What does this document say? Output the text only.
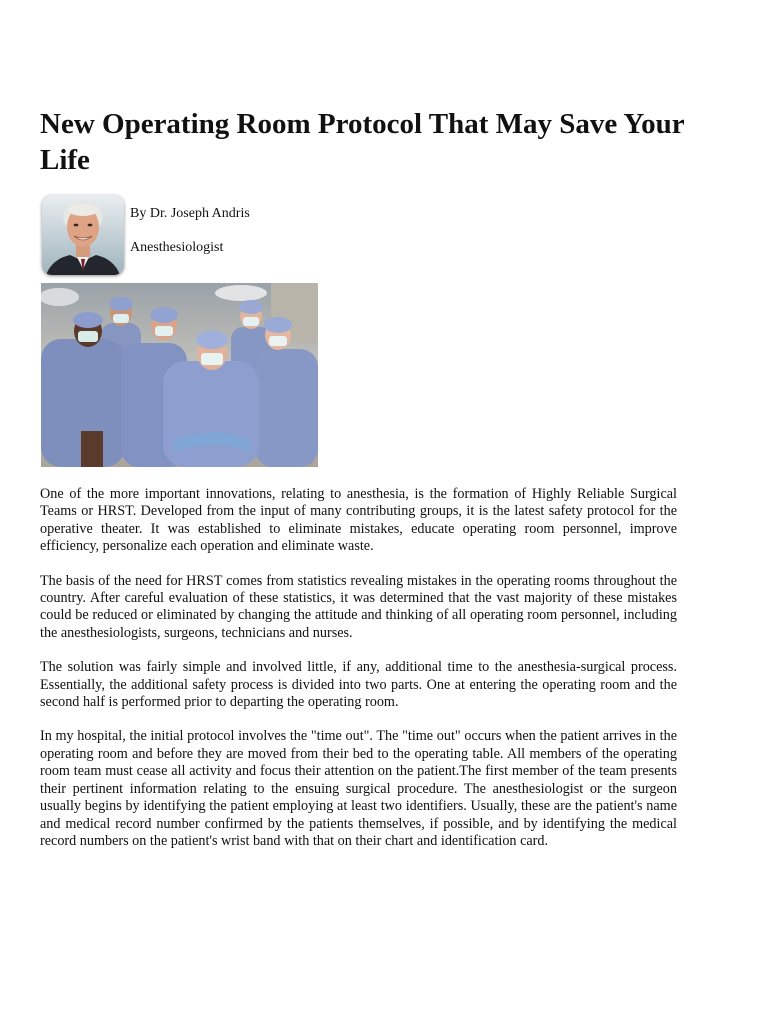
New Operating Room Protocol That May Save Your Life

By Dr. Joseph Andris

Anesthesiologist

One of the more important innovations, relating to anesthesia, is the formation of Highly Reliable Surgical Teams or HRST. Developed from the input of many contributing groups, it is the latest safety protocol for the operative theater. It was established to eliminate mistakes, educate operating room personnel, improve efficiency, personalize each operation and eliminate waste.

The basis of the need for HRST comes from statistics revealing mistakes in the operating rooms throughout the country. After careful evaluation of these statistics, it was determined that the vast majority of these mistakes could be reduced or eliminated by changing the attitude and thinking of all operating room personnel, including the anesthesiologists, surgeons, technicians and nurses.

The solution was fairly simple and involved little, if any, additional time to the anesthesia-surgical process. Essentially, the additional safety process is divided into two parts. One at entering the operating room and the second half is performed prior to departing the operating room.

In my hospital, the initial protocol involves the "time out". The "time out" occurs when the patient arrives in the operating room and before they are moved from their bed to the operating table. All members of the operating room team must cease all activity and focus their attention on the patient.The first member of the team presents their pertinent information relating to the ensuing surgical procedure. The anesthesiologist or the surgeon usually begins by identifying the patient employing at least two identifiers. Usually, these are the patient's name and medical record number confirmed by the patients themselves, if possible, and by identifying the medical record numbers on the patient's wrist band with that on their chart and identification card.
